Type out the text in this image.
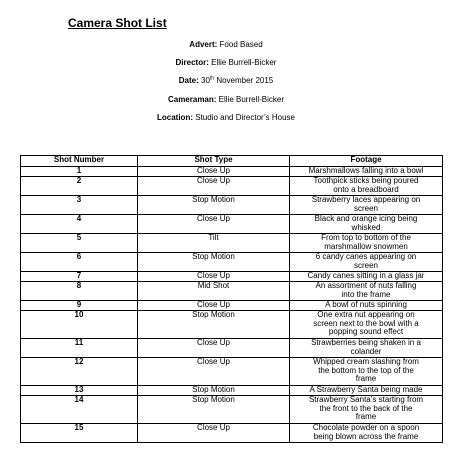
Camera Shot List
Advert: Food Based
Director: Ellie Burrell-Bicker
Date: 30th November 2015
Cameraman: Ellie Burrell-Bicker
Location: Studio and Director’s House
Shot Number	Shot Type	Footage
1	Close Up	Marshmallows falling into a bowl

2	Close Up	Toothpick sticks being poured
onto a breadboard

3	Stop Motion	Strawberry laces appearing on
screen

4	Close Up	Black and orange icing being
whisked

5	Tilt	From top to bottom of the
marshmallow snowmen

6	Stop Motion	6 candy canes appearing on
screen

7	Close Up	Candy canes sitting in a glass jar

8	Mid Shot	An assortment of nuts falling
into the frame

9	Close Up	A bowl of nuts spinning

10	Stop Motion	One extra nut appearing on
screen next to the bowl with a
popping sound effect

11	Close Up	Strawberries being shaken in a
colander

12	Close Up	Whipped cream slashing from
the bottom to the top of the
frame

13	Stop Motion	A Strawberry Santa being made

14	Stop Motion	Strawberry Santa’s starting from
the front to the back of the
frame

15	Close Up	Chocolate powder on a spoon
being blown across the frame
